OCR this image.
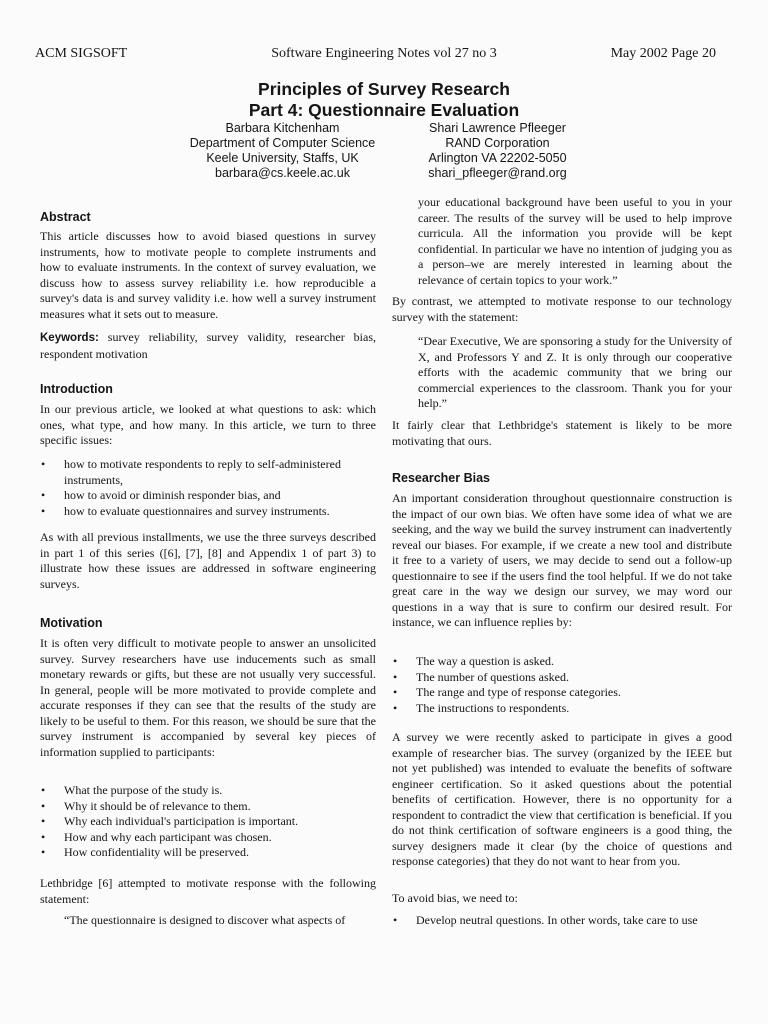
ACM SIGSOFT	Software Engineering Notes vol 27 no 3	May 2002 Page 20
Principles of Survey Research
Part 4: Questionnaire Evaluation
Barbara Kitchenham
Department of Computer Science
Keele University, Staffs, UK
barbara@cs.keele.ac.uk
Shari Lawrence Pfleeger
RAND Corporation
Arlington VA 22202-5050
shari_pfleeger@rand.org
Abstract

This article discusses how to avoid biased questions in survey instruments, how to motivate people to complete instruments and how to evaluate instruments. In the context of survey evaluation, we discuss how to assess survey reliability i.e. how reproducible a survey's data is and survey validity i.e. how well a survey instrument measures what it sets out to measure.

Keywords: survey reliability, survey validity, researcher bias, respondent motivation

Introduction

In our previous article, we looked at what questions to ask: which ones, what type, and how many. In this article, we turn to three specific issues:

• how to motivate respondents to reply to self-administered instruments,
• how to avoid or diminish responder bias, and
• how to evaluate questionnaires and survey instruments.

As with all previous installments, we use the three surveys described in part 1 of this series ([6], [7], [8] and Appendix 1 of part 3) to illustrate how these issues are addressed in software engineering surveys.

Motivation

It is often very difficult to motivate people to answer an unsolicited survey. Survey researchers have use inducements such as small monetary rewards or gifts, but these are not usually very successful. In general, people will be more motivated to provide complete and accurate responses if they can see that the results of the study are likely to be useful to them. For this reason, we should be sure that the survey instrument is accompanied by several key pieces of information supplied to participants:

• What the purpose of the study is.
• Why it should be of relevance to them.
• Why each individual's participation is important.
• How and why each participant was chosen.
• How confidentiality will be preserved.

Lethbridge [6] attempted to motivate response with the following statement:

“The questionnaire is designed to discover what aspects of

your educational background have been useful to you in your career. The results of the survey will be used to help improve curricula. All the information you provide will be kept confidential. In particular we have no intention of judging you as a person–we are merely interested in learning about the relevance of certain topics to your work.”

By contrast, we attempted to motivate response to our technology survey with the statement:

“Dear Executive, We are sponsoring a study for the University of X, and Professors Y and Z. It is only through our cooperative efforts with the academic community that we bring our commercial experiences to the classroom. Thank you for your help.”

It fairly clear that Lethbridge's statement is likely to be more motivating that ours.

Researcher Bias

An important consideration throughout questionnaire construction is the impact of our own bias. We often have some idea of what we are seeking, and the way we build the survey instrument can inadvertently reveal our biases. For example, if we create a new tool and distribute it free to a variety of users, we may decide to send out a follow-up questionnaire to see if the users find the tool helpful. If we do not take great care in the way we design our survey, we may word our questions in a way that is sure to confirm our desired result. For instance, we can influence replies by:

• The way a question is asked.
• The number of questions asked.
• The range and type of response categories.
• The instructions to respondents.

A survey we were recently asked to participate in gives a good example of researcher bias. The survey (organized by the IEEE but not yet published) was intended to evaluate the benefits of software engineer certification. So it asked questions about the potential benefits of certification. However, there is no opportunity for a respondent to contradict the view that certification is beneficial. If you do not think certification of software engineers is a good thing, the survey designers made it clear (by the choice of questions and response categories) that they do not want to hear from you.

To avoid bias, we need to:

• Develop neutral questions. In other words, take care to use
